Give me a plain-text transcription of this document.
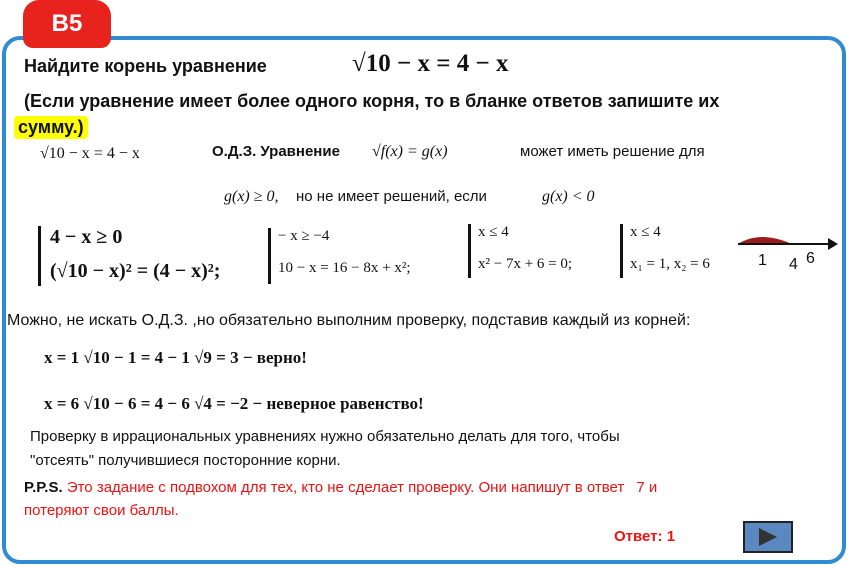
B5
Найдите корень уравнение	√10 − x = 4 − x
(Если уравнение имеет более одного корня, то в бланке ответов запишите их
сумму.)
√10 − x = 4 − x	О.Д.З. Уравнение √f(x) = g(x)	может иметь решение для
g(x) ≥ 0, но не имеет решений, если	g(x) < 0
4 − x ≥ 0
(√10 − x)² = (4 − x)²;
− x ≥ −4
10 − x = 16 − 8x + x²;
x ≤ 4
x² − 7x + 6 = 0;
x ≤ 4
x₁ = 1, x₂ = 6	1 4 6
Можно, не искать О.Д.З. ,но обязательно выполним проверку, подставив каждый из корней:
x = 1 √10 − 1 = 4 − 1 √9 = 3 − верно!
x = 6 √10 − 6 = 4 − 6 √4 = −2 − неверное равенство!
Проверку в иррациональных уравнениях нужно обязательно делать для того, чтобы
"отсеять" получившиеся посторонние корни.
P.P.S. Это задание с подвохом для тех, кто не сделает проверку. Они напишут в ответ 7 и
потеряют свои баллы.
Ответ: 1
